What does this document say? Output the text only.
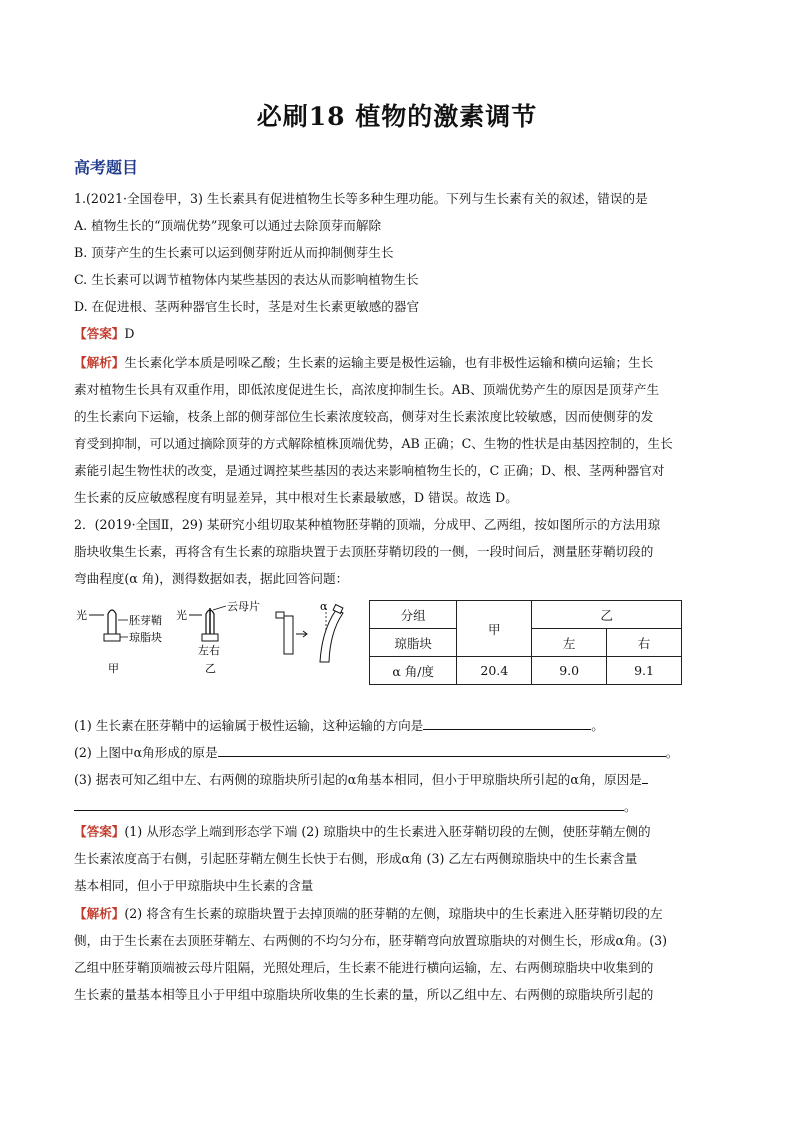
必刷18 植物的激素调节
高考题目
1.(2021·全国卷甲，3) 生长素具有促进植物生长等多种生理功能。下列与生长素有关的叙述，错误的是
A. 植物生长的“顶端优势”现象可以通过去除顶芽而解除
B. 顶芽产生的生长素可以运到侧芽附近从而抑制侧芽生长
C. 生长素可以调节植物体内某些基因的表达从而影响植物生长
D. 在促进根、茎两种器官生长时，茎是对生长素更敏感的器官
【答案】D
【解析】生长素化学本质是吲哚乙酸；生长素的运输主要是极性运输，也有非极性运输和横向运输；生长
素对植物生长具有双重作用，即低浓度促进生长，高浓度抑制生长。AB、顶端优势产生的原因是顶芽产生
的生长素向下运输，枝条上部的侧芽部位生长素浓度较高，侧芽对生长素浓度比较敏感，因而使侧芽的发
育受到抑制，可以通过摘除顶芽的方式解除植株顶端优势，AB 正确；C、生物的性状是由基因控制的，生长
素能引起生物性状的改变，是通过调控某些基因的表达来影响植物生长的，C 正确；D、根、茎两种器官对
生长素的反应敏感程度有明显差异，其中根对生长素最敏感，D 错误。故选 D。
2．(2019·全国Ⅱ，29) 某研究小组切取某种植物胚芽鞘的顶端，分成甲、乙两组，按如图所示的方法用琼
脂块收集生长素，再将含有生长素的琼脂块置于去顶胚芽鞘切段的一侧，一段时间后，测量胚芽鞘切段的
弯曲程度(α 角)，测得数据如表，据此回答问题：
光	胚芽鞘
琼脂块
甲
光
云母片
左右
乙
α
分组	甲	乙	
琼脂块		左	右
α 角/度	20.4	9.0	9.1
(1) 生长素在胚芽鞘中的运输属于极性运输，这种运输的方向是	。
(2) 上图中α角形成的原是	。
(3) 据表可知乙组中左、右两侧的琼脂块所引起的α角基本相同，但小于甲琼脂块所引起的α角，原因是
。
【答案】(1) 从形态学上端到形态学下端 (2) 琼脂块中的生长素进入胚芽鞘切段的左侧，使胚芽鞘左侧的
生长素浓度高于右侧，引起胚芽鞘左侧生长快于右侧，形成α角 (3) 乙左右两侧琼脂块中的生长素含量
基本相同，但小于甲琼脂块中生长素的含量
【解析】(2) 将含有生长素的琼脂块置于去掉顶端的胚芽鞘的左侧，琼脂块中的生长素进入胚芽鞘切段的左
侧，由于生长素在去顶胚芽鞘左、右两侧的不均匀分布，胚芽鞘弯向放置琼脂块的对侧生长，形成α角。(3)
乙组中胚芽鞘顶端被云母片阻隔，光照处理后，生长素不能进行横向运输，左、右两侧琼脂块中收集到的
生长素的量基本相等且小于甲组中琼脂块所收集的生长素的量，所以乙组中左、右两侧的琼脂块所引起的
